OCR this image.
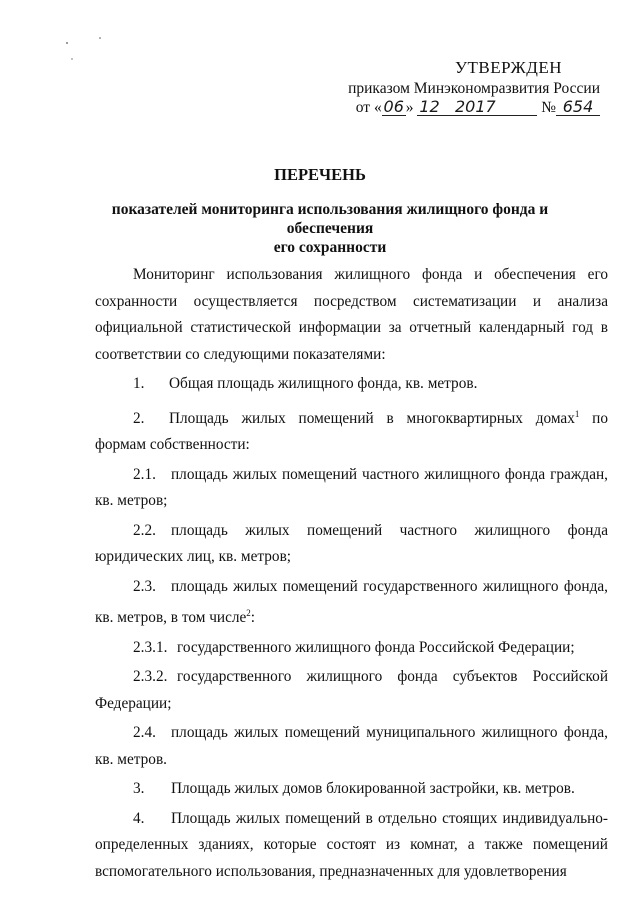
УТВЕРЖДЕН
приказом Минэкономразвития России
от « 06 » 12 2017	№ 654
ПЕРЕЧЕНЬ
показателей мониторинга использования жилищного фонда и обеспечения
его сохранности

Мониторинг использования жилищного фонда и обеспечения его сохранности осуществляется посредством систематизации и анализа официальной статистической информации за отчетный календарный год в соответствии со следующими показателями:

1. Общая площадь жилищного фонда, кв. метров.

2. Площадь жилых помещений в многоквартирных домах$^1$ по формам собственности:

2.1. площадь жилых помещений частного жилищного фонда граждан, кв. метров;

2.2. площадь жилых помещений частного жилищного фонда юридических лиц, кв. метров;

2.3. площадь жилых помещений государственного жилищного фонда, кв. метров, в том числе$^2$:

2.3.1. государственного жилищного фонда Российской Федерации;

2.3.2. государственного жилищного фонда субъектов Российской Федерации;

2.4. площадь жилых помещений муниципального жилищного фонда, кв. метров.

3. Площадь жилых домов блокированной застройки, кв. метров.

4. Площадь жилых помещений в отдельно стоящих индивидуально-определенных зданиях, которые состоят из комнат, а также помещений вспомогательного использования, предназначенных для удовлетворения
